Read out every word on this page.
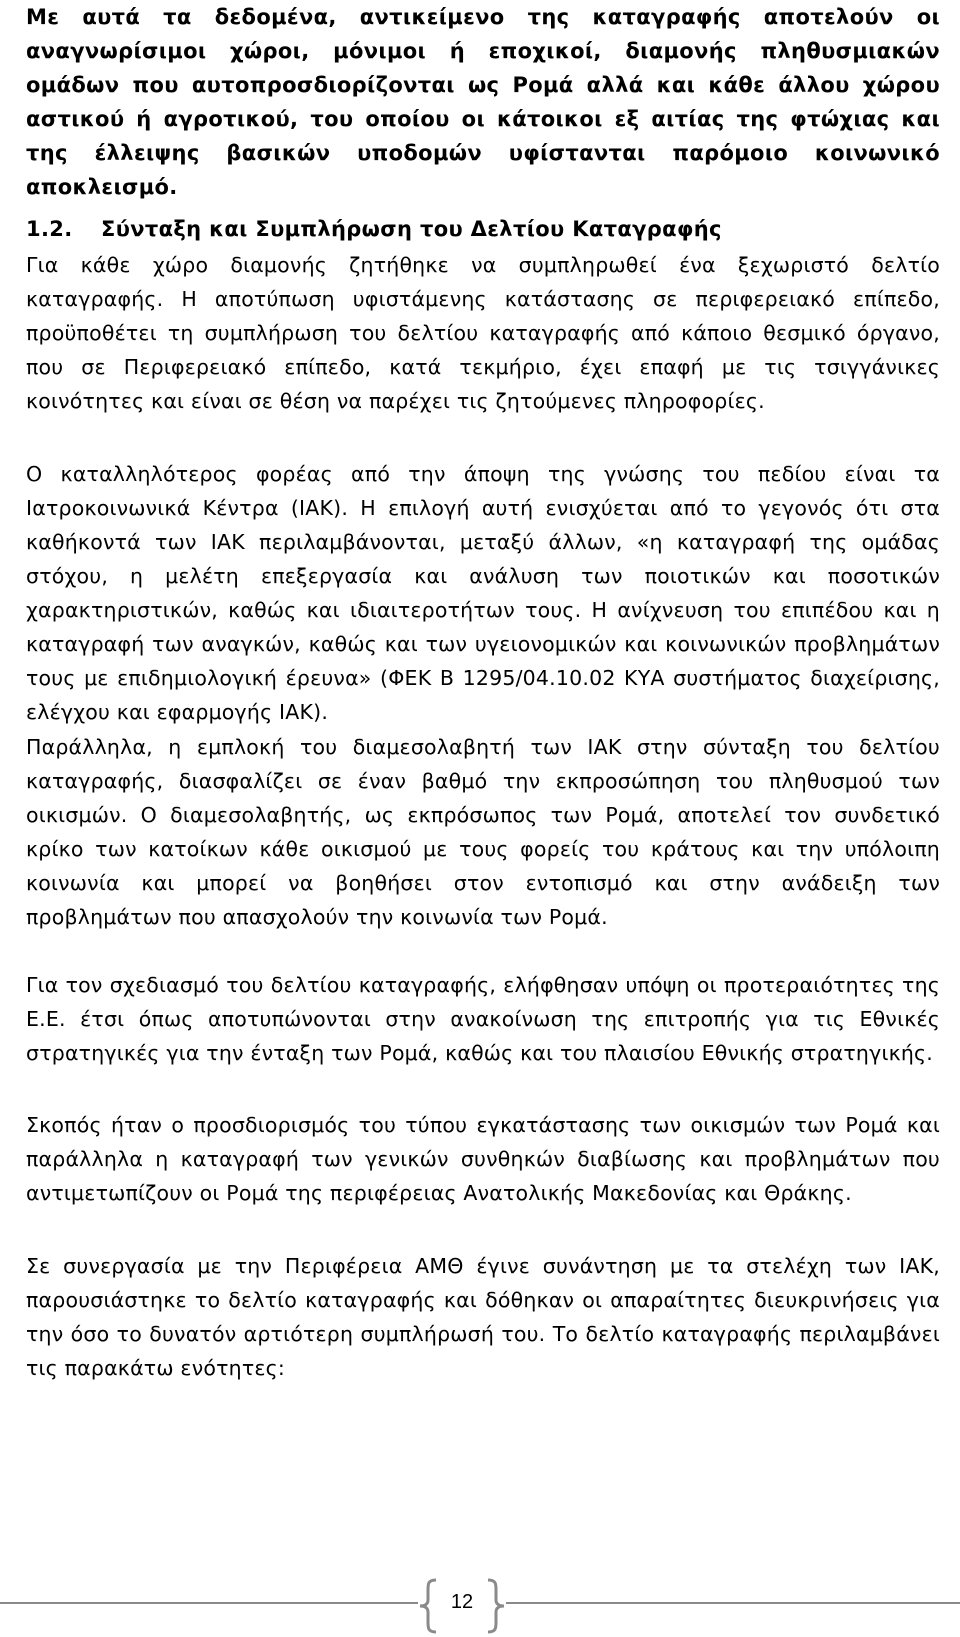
Με αυτά τα δεδομένα, αντικείμενο της καταγραφής αποτελούν οι αναγνωρίσιμοι χώροι, μόνιμοι ή εποχικοί, διαμονής πληθυσμιακών ομάδων που αυτοπροσδιορίζονται ως Ρομά αλλά και κάθε άλλου χώρου αστικού ή αγροτικού, του οποίου οι κάτοικοι εξ αιτίας της φτώχιας και της έλλειψης βασικών υποδομών υφίστανται παρόμοιο κοινωνικό αποκλεισμό.

1.2. Σύνταξη και Συμπλήρωση του Δελτίου Καταγραφής

Για κάθε χώρο διαμονής ζητήθηκε να συμπληρωθεί ένα ξεχωριστό δελτίο καταγραφής. Η αποτύπωση υφιστάμενης κατάστασης σε περιφερειακό επίπεδο, προϋποθέτει τη συμπλήρωση του δελτίου καταγραφής από κάποιο θεσμικό όργανο, που σε Περιφερειακό επίπεδο, κατά τεκμήριο, έχει επαφή με τις τσιγγάνικες κοινότητες και είναι σε θέση να παρέχει τις ζητούμενες πληροφορίες.

Ο καταλληλότερος φορέας από την άποψη της γνώσης του πεδίου είναι τα Ιατροκοινωνικά Κέντρα (ΙΑΚ). Η επιλογή αυτή ενισχύεται από το γεγονός ότι στα καθήκοντά των ΙΑΚ περιλαμβάνονται, μεταξύ άλλων, «η καταγραφή της ομάδας στόχου, η μελέτη επεξεργασία και ανάλυση των ποιοτικών και ποσοτικών χαρακτηριστικών, καθώς και ιδιαιτεροτήτων τους. Η ανίχνευση του επιπέδου και η καταγραφή των αναγκών, καθώς και των υγειονομικών και κοινωνικών προβλημάτων τους με επιδημιολογική έρευνα» (ΦΕΚ Β 1295/04.10.02 ΚΥΑ συστήματος διαχείρισης, ελέγχου και εφαρμογής ΙΑΚ).

Παράλληλα, η εμπλοκή του διαμεσολαβητή των ΙΑΚ στην σύνταξη του δελτίου καταγραφής, διασφαλίζει σε έναν βαθμό την εκπροσώπηση του πληθυσμού των οικισμών. Ο διαμεσολαβητής, ως εκπρόσωπος των Ρομά, αποτελεί τον συνδετικό κρίκο των κατοίκων κάθε οικισμού με τους φορείς του κράτους και την υπόλοιπη κοινωνία και μπορεί να βοηθήσει στον εντοπισμό και στην ανάδειξη των προβλημάτων που απασχολούν την κοινωνία των Ρομά.

Για τον σχεδιασμό του δελτίου καταγραφής, ελήφθησαν υπόψη οι προτεραιότητες της Ε.Ε. έτσι όπως αποτυπώνονται στην ανακοίνωση της επιτροπής για τις Εθνικές στρατηγικές για την ένταξη των Ρομά, καθώς και του πλαισίου Εθνικής στρατηγικής.

Σκοπός ήταν ο προσδιορισμός του τύπου εγκατάστασης των οικισμών των Ρομά και παράλληλα η καταγραφή των γενικών συνθηκών διαβίωσης και προβλημάτων που αντιμετωπίζουν οι Ρομά της περιφέρειας Ανατολικής Μακεδονίας και Θράκης.

Σε συνεργασία με την Περιφέρεια ΑΜΘ έγινε συνάντηση με τα στελέχη των ΙΑΚ, παρουσιάστηκε το δελτίο καταγραφής και δόθηκαν οι απαραίτητες διευκρινήσεις για την όσο το δυνατόν αρτιότερη συμπλήρωσή του. Το δελτίο καταγραφής περιλαμβάνει τις παρακάτω ενότητες:

12
